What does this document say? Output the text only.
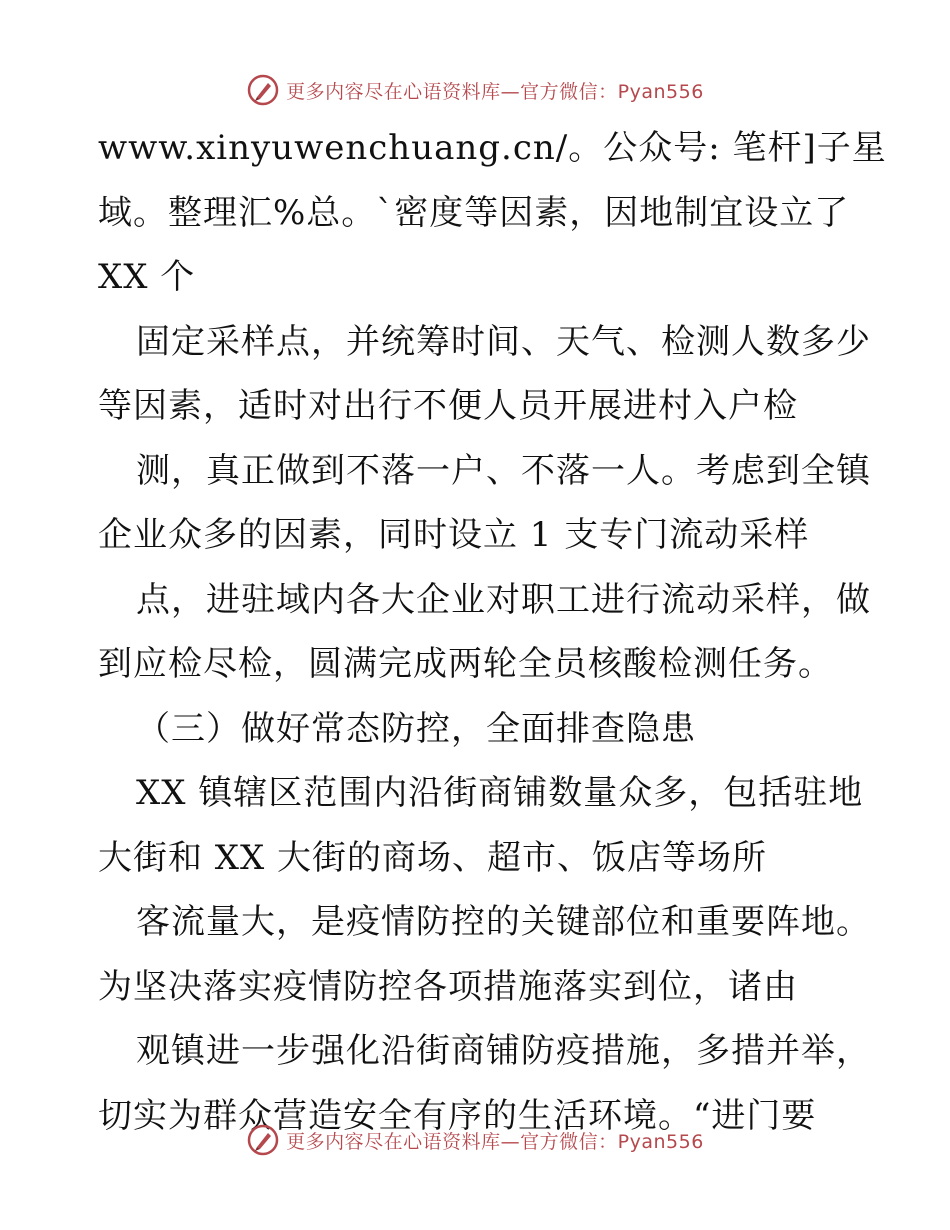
更多内容尽在心语资料库—官方微信：Pyan556
www.xinyuwenchuang.cn/。公众号: 笔杆]子星
域。整理汇%总。`密度等因素，因地制宜设立了
XX 个
固定采样点，并统筹时间、天气、检测人数多少
等因素，适时对出行不便人员开展进村入户检
测，真正做到不落一户、不落一人。考虑到全镇
企业众多的因素，同时设立 1 支专门流动采样
点，进驻域内各大企业对职工进行流动采样，做
到应检尽检，圆满完成两轮全员核酸检测任务。
（三）做好常态防控，全面排查隐患
XX 镇辖区范围内沿街商铺数量众多，包括驻地
大街和 XX 大街的商场、超市、饭店等场所
客流量大，是疫情防控的关键部位和重要阵地。
为坚决落实疫情防控各项措施落实到位，诸由
观镇进一步强化沿街商铺防疫措施，多措并举，
切实为群众营造安全有序的生活环境。“进门要
更多内容尽在心语资料库—官方微信：Pyan556
